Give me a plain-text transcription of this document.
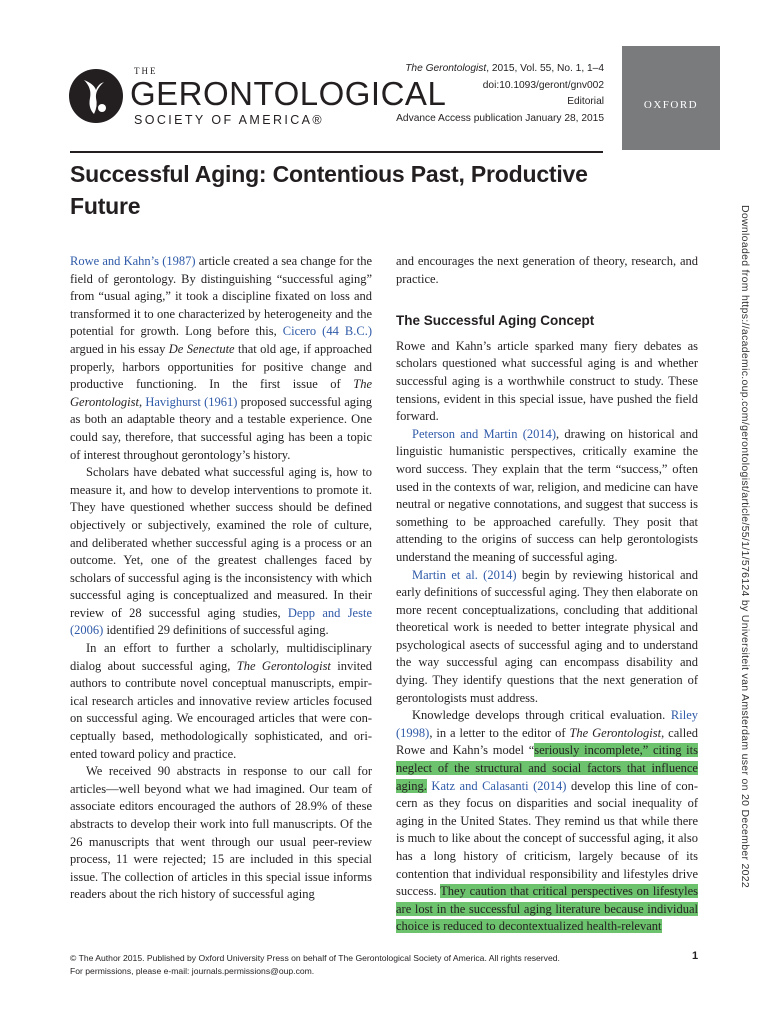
THE
GERONTOLOGICAL
SOCIETY OF AMERICA®
The Gerontologist, 2015, Vol. 55, No. 1, 1–4
doi:10.1093/geront/gnv002
Editorial
Advance Access publication January 28, 2015
OXFORD
Successful Aging: Contentious Past, Productive Future	Downloaded from https://academic.oup.com/gerontologist/article/55/1/1/576124 by Universiteit van Amsterdam user on 20 December 2022

Rowe and Kahn’s (1987) article created a sea change for the field of gerontology. By distinguishing “successful aging” from “usual aging,” it took a discipline fixated on loss and transformed it to one characterized by heterogeneity and the potential for growth. Long before this, Cicero (44 B.C.) argued in his essay De Senectute that old age, if approached properly, harbors opportunities for positive change and productive functioning. In the first issue of The Gerontologist, Havighurst (1961) proposed successful aging as both an adaptable theory and a testable experience. One could say, therefore, that successful aging has been a topic of interest throughout gerontology’s history.

Scholars have debated what successful aging is, how to measure it, and how to develop interventions to promote it. They have questioned whether success should be defined objectively or subjectively, examined the role of culture, and deliberated whether successful aging is a process or an outcome. Yet, one of the greatest challenges faced by scholars of successful aging is the inconsistency with which successful aging is conceptualized and measured. In their review of 28 successful aging studies, Depp and Jeste (2006) identified 29 definitions of successful aging.

In an effort to further a scholarly, multidisciplinary dialog about successful aging, The Gerontologist invited authors to contribute novel conceptual manuscripts, empirical research articles and innovative review articles focused on successful aging. We encouraged articles that were conceptually based, methodologically sophisticated, and oriented toward policy and practice.

We received 90 abstracts in response to our call for articles—well beyond what we had imagined. Our team of associate editors encouraged the authors of 28.9% of these abstracts to develop their work into full manuscripts. Of the 26 manuscripts that went through our usual peer-review process, 11 were rejected; 15 are included in this special issue. The collection of articles in this special issue informs readers about the rich history of successful aging

and encourages the next generation of theory, research, and practice.

The Successful Aging Concept

Rowe and Kahn’s article sparked many fiery debates as scholars questioned what successful aging is and whether successful aging is a worthwhile construct to study. These tensions, evident in this special issue, have pushed the field forward.

Peterson and Martin (2014), drawing on historical and linguistic humanistic perspectives, critically examine the word success. They explain that the term “success,” often used in the contexts of war, religion, and medicine can have neutral or negative connotations, and suggest that success is something to be approached carefully. They posit that attending to the origins of success can help gerontologists understand the meaning of successful aging.

Martin et al. (2014) begin by reviewing historical and early definitions of successful aging. They then elaborate on more recent conceptualizations, concluding that additional theoretical work is needed to better integrate physical and psychological asects of successful aging and to understand the way successful aging can encompass disability and dying. They identify questions that the next generation of gerontologists must address.

Knowledge develops through critical evaluation. Riley (1998), in a letter to the editor of The Gerontologist, called Rowe and Kahn’s model “seriously incomplete,” citing its neglect of the structural and social factors that influence aging. Katz and Calasanti (2014) develop this line of concern as they focus on disparities and social inequality of aging in the United States. They remind us that while there is much to like about the concept of successful aging, it also has a long history of criticism, largely because of its contention that individual responsibility and lifestyles drive success. They caution that critical perspectives on lifestyles are lost in the successful aging literature because individual choice is reduced to decontextualized health-relevant

© The Author 2015. Published by Oxford University Press on behalf of The Gerontological Society of America. All rights reserved.
For permissions, please e-mail: journals.permissions@oup.com.
1
